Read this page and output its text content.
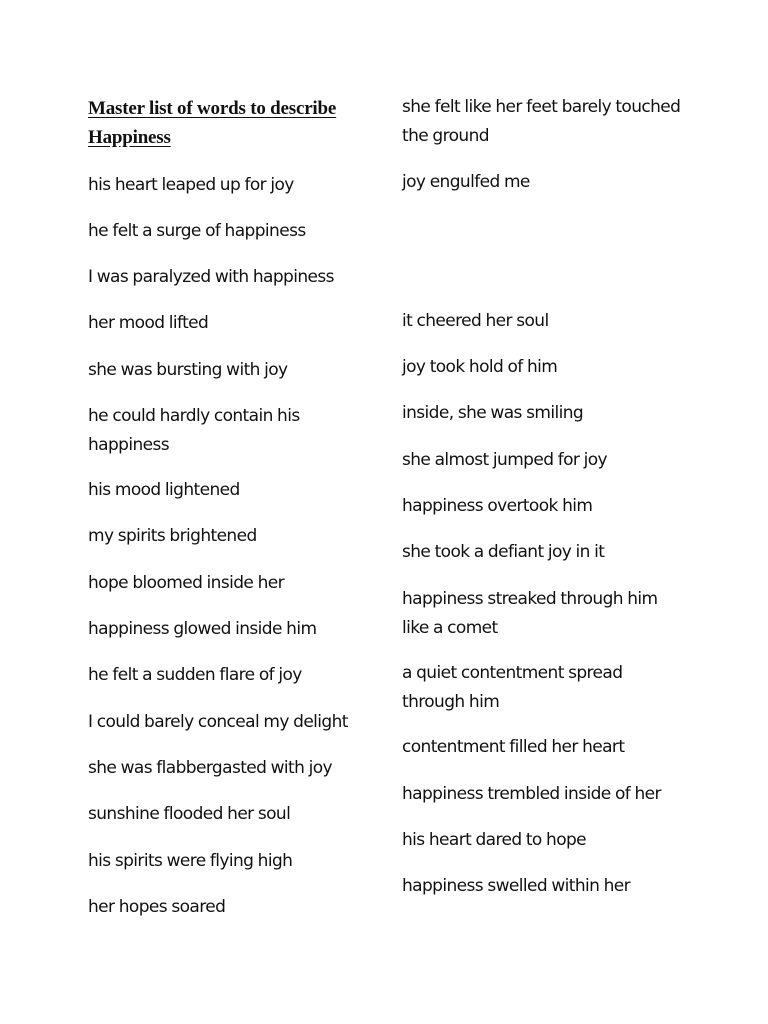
Master list of words to describe Happiness

his heart leaped up for joy

he felt a surge of happiness

I was paralyzed with happiness

her mood lifted

she was bursting with joy

he could hardly contain his happiness

his mood lightened

my spirits brightened

hope bloomed inside her

happiness glowed inside him

he felt a sudden flare of joy

I could barely conceal my delight

she was flabbergasted with joy

sunshine flooded her soul

his spirits were flying high

her hopes soared

she felt like her feet barely touched the ground

joy engulfed me

it cheered her soul

joy took hold of him

inside, she was smiling

she almost jumped for joy

happiness overtook him

she took a defiant joy in it

happiness streaked through him like a comet

a quiet contentment spread through him

contentment filled her heart

happiness trembled inside of her

his heart dared to hope

happiness swelled within her
